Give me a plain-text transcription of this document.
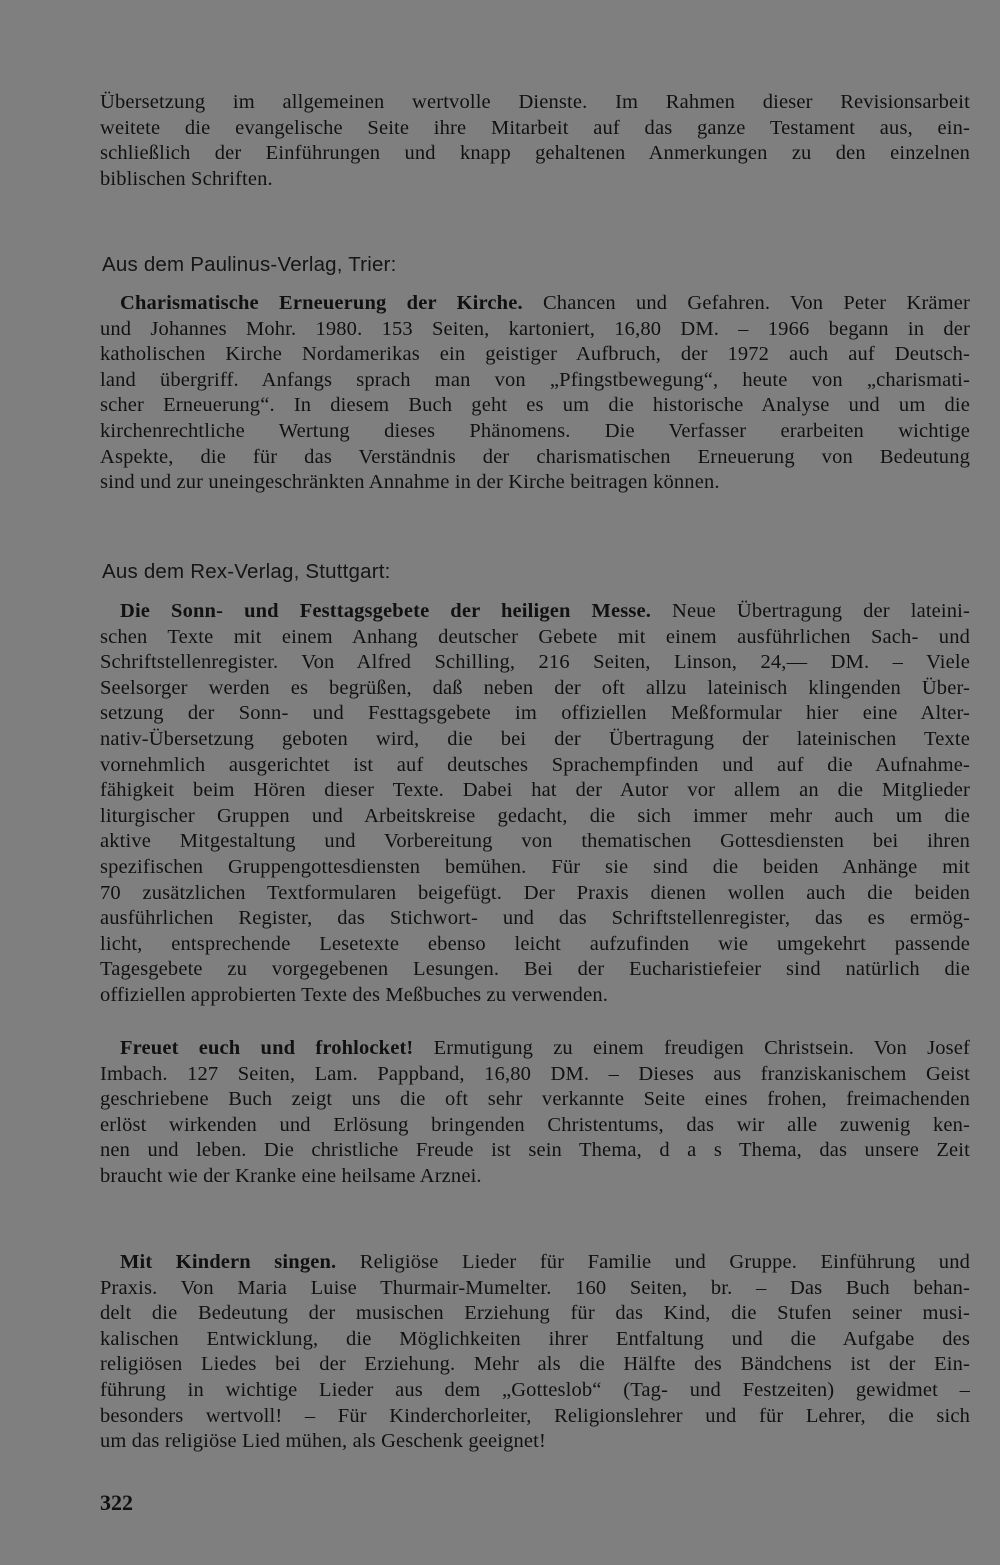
Übersetzung im allgemeinen wertvolle Dienste. Im Rahmen dieser Revisionsarbeit
weitete die evangelische Seite ihre Mitarbeit auf das ganze Testament aus, ein-
schließlich der Einführungen und knapp gehaltenen Anmerkungen zu den einzelnen
biblischen Schriften.
Aus dem Paulinus-Verlag, Trier:
Charismatische Erneuerung der Kirche. Chancen und Gefahren. Von Peter Krämer
und Johannes Mohr. 1980. 153 Seiten, kartoniert, 16,80 DM. – 1966 begann in der
katholischen Kirche Nordamerikas ein geistiger Aufbruch, der 1972 auch auf Deutsch-
land übergriff. Anfangs sprach man von „Pfingstbewegung“, heute von „charismati-
scher Erneuerung“. In diesem Buch geht es um die historische Analyse und um die
kirchenrechtliche Wertung dieses Phänomens. Die Verfasser erarbeiten wichtige
Aspekte, die für das Verständnis der charismatischen Erneuerung von Bedeutung
sind und zur uneingeschränkten Annahme in der Kirche beitragen können.
Aus dem Rex-Verlag, Stuttgart:
Die Sonn- und Festtagsgebete der heiligen Messe. Neue Übertragung der lateini-
schen Texte mit einem Anhang deutscher Gebete mit einem ausführlichen Sach- und
Schriftstellenregister. Von Alfred Schilling, 216 Seiten, Linson, 24,— DM. – Viele
Seelsorger werden es begrüßen, daß neben der oft allzu lateinisch klingenden Über-
setzung der Sonn- und Festtagsgebete im offiziellen Meßformular hier eine Alter-
nativ-Übersetzung geboten wird, die bei der Übertragung der lateinischen Texte
vornehmlich ausgerichtet ist auf deutsches Sprachempfinden und auf die Aufnahme-
fähigkeit beim Hören dieser Texte. Dabei hat der Autor vor allem an die Mitglieder
liturgischer Gruppen und Arbeitskreise gedacht, die sich immer mehr auch um die
aktive Mitgestaltung und Vorbereitung von thematischen Gottesdiensten bei ihren
spezifischen Gruppengottesdiensten bemühen. Für sie sind die beiden Anhänge mit
70 zusätzlichen Textformularen beigefügt. Der Praxis dienen wollen auch die beiden
ausführlichen Register, das Stichwort- und das Schriftstellenregister, das es ermög-
licht, entsprechende Lesetexte ebenso leicht aufzufinden wie umgekehrt passende
Tagesgebete zu vorgegebenen Lesungen. Bei der Eucharistiefeier sind natürlich die
offiziellen approbierten Texte des Meßbuches zu verwenden.
Freuet euch und frohlocket! Ermutigung zu einem freudigen Christsein. Von Josef
Imbach. 127 Seiten, Lam. Pappband, 16,80 DM. – Dieses aus franziskanischem Geist
geschriebene Buch zeigt uns die oft sehr verkannte Seite eines frohen, freimachenden
erlöst wirkenden und Erlösung bringenden Christentums, das wir alle zuwenig ken-
nen und leben. Die christliche Freude ist sein Thema, d a s Thema, das unsere Zeit
braucht wie der Kranke eine heilsame Arznei.
Mit Kindern singen. Religiöse Lieder für Familie und Gruppe. Einführung und
Praxis. Von Maria Luise Thurmair-Mumelter. 160 Seiten, br. – Das Buch behan-
delt die Bedeutung der musischen Erziehung für das Kind, die Stufen seiner musi-
kalischen Entwicklung, die Möglichkeiten ihrer Entfaltung und die Aufgabe des
religiösen Liedes bei der Erziehung. Mehr als die Hälfte des Bändchens ist der Ein-
führung in wichtige Lieder aus dem „Gotteslob“ (Tag- und Festzeiten) gewidmet –
besonders wertvoll! – Für Kinderchorleiter, Religionslehrer und für Lehrer, die sich
um das religiöse Lied mühen, als Geschenk geeignet!
322
